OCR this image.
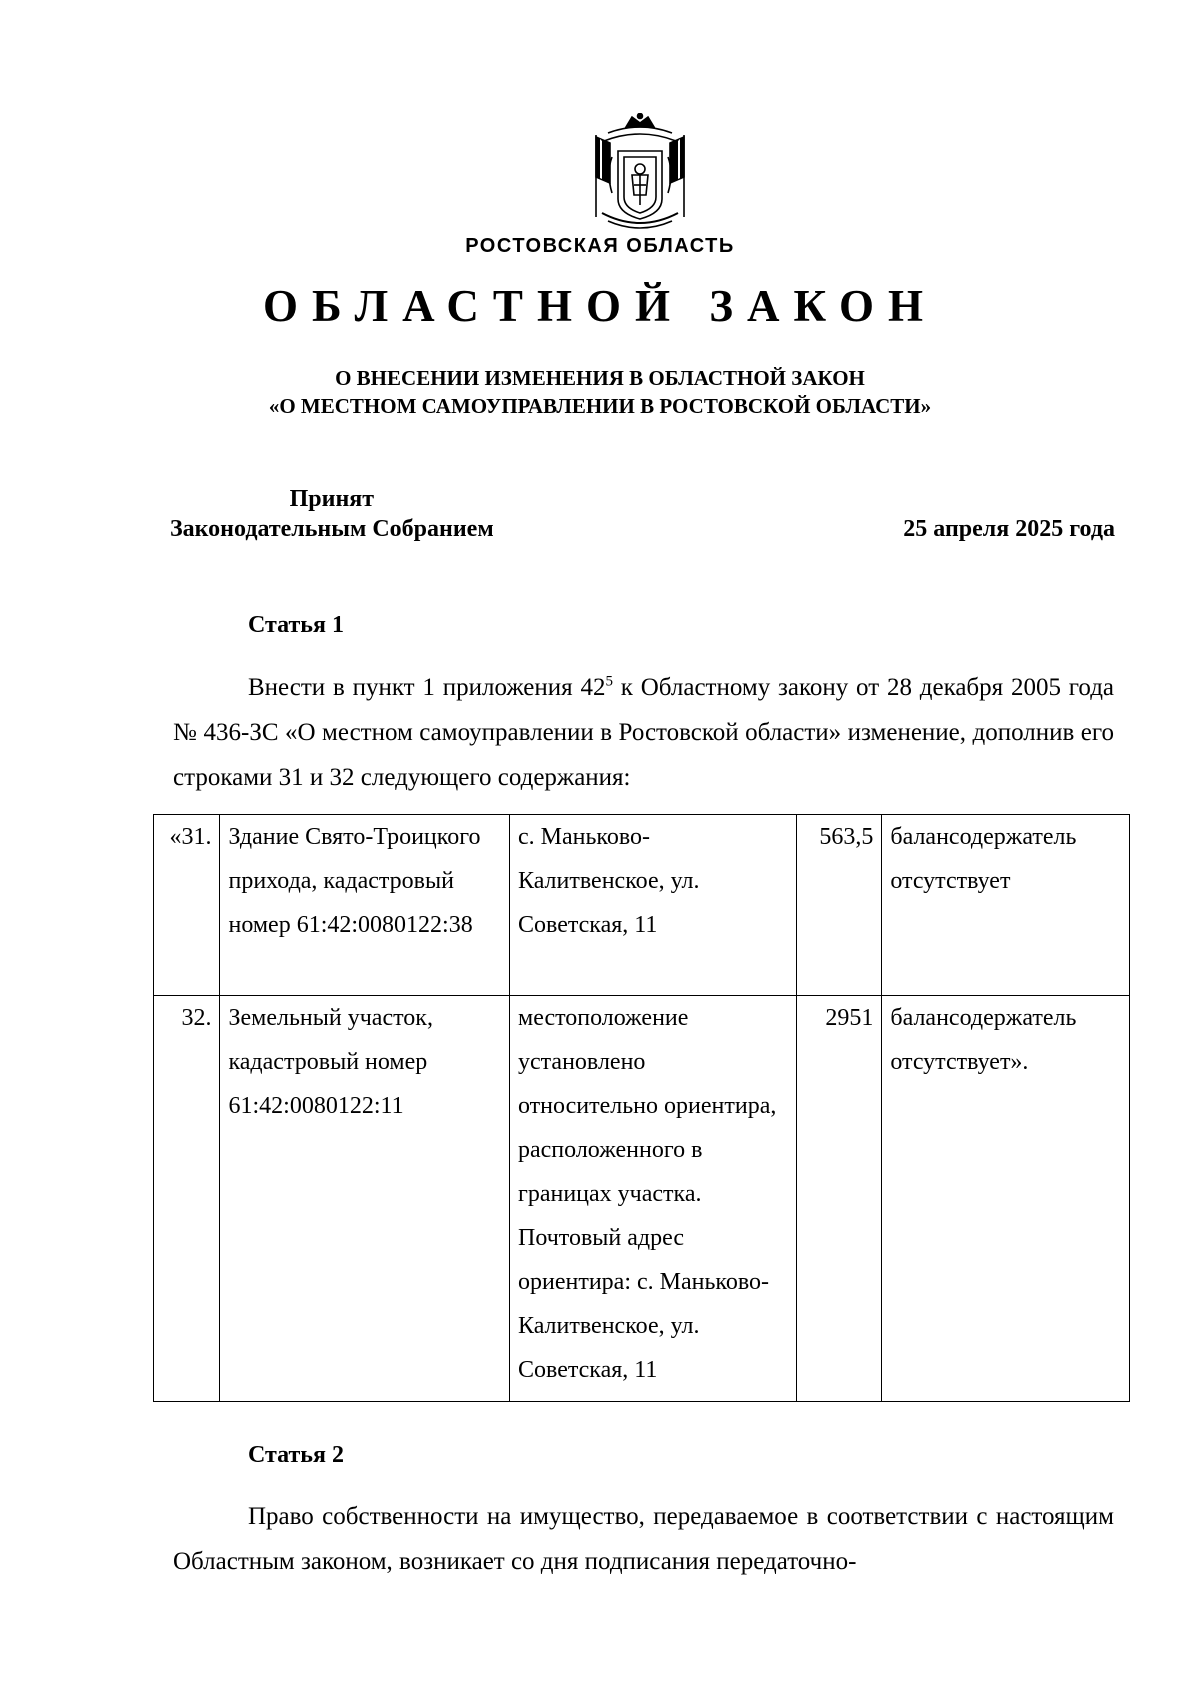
РОСТОВСКАЯ ОБЛАСТЬ
ОБЛАСТНОЙ ЗАКОН
О ВНЕСЕНИИ ИЗМЕНЕНИЯ В ОБЛАСТНОЙ ЗАКОН
«О МЕСТНОМ САМОУПРАВЛЕНИИ В РОСТОВСКОЙ ОБЛАСТИ»
Принят
Законодательным Собранием	25 апреля 2025 года
Статья 1
Внести в пункт 1 приложения $42^5$ к Областному закону от 28 декабря 2005 года № 436-ЗС «О местном самоуправлении в Ростовской области» изменение, дополнив его строками 31 и 32 следующего содержания:
«31.	Здание Свято-Троицкого прихода, кадастровый номер 61:42:0080122:38	с. Маньково-Калитвенское, ул. Советская, 11	563,5	балансодержатель отсутствует
32.	Земельный участок, кадастровый номер 61:42:0080122:11	местоположение установлено относительно ориентира, расположенного в границах участка. Почтовый адрес ориентира: с. Маньково-Калитвенское, ул. Советская, 11	2951	балансодержатель отсутствует».
Статья 2
Право собственности на имущество, передаваемое в соответствии с настоящим Областным законом, возникает со дня подписания передаточно-
